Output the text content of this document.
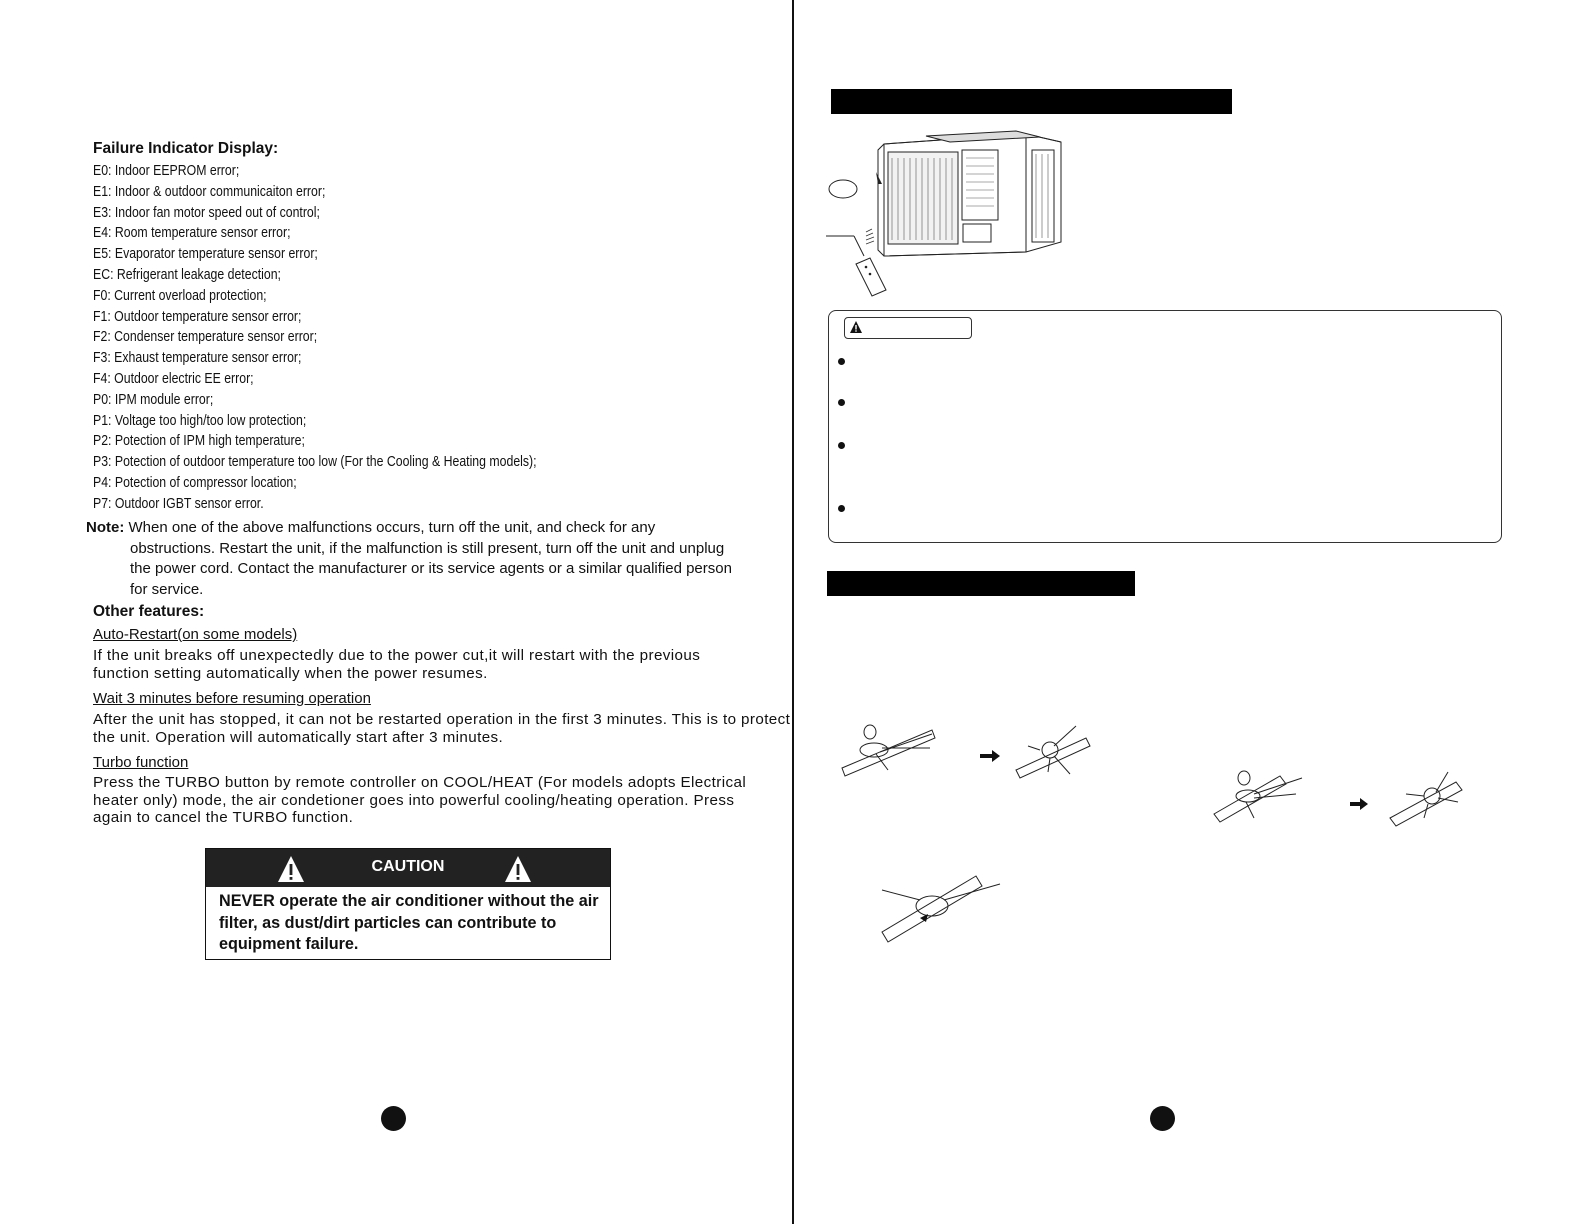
Failure Indicator Display:
E0: Indoor EEPROM error;
E1: Indoor & outdoor communicaiton error;
E3: Indoor fan motor speed out of control;
E4: Room temperature sensor error;
E5: Evaporator temperature sensor error;
EC: Refrigerant leakage detection;
F0: Current overload protection;
F1: Outdoor temperature sensor error;
F2: Condenser temperature sensor error;
F3: Exhaust temperature sensor error;
F4: Outdoor electric EE error;
P0: IPM module error;
P1: Voltage too high/too low protection;
P2: Potection of IPM high temperature;
P3: Potection of outdoor temperature too low (For the Cooling & Heating models);
P4: Potection of compressor location;
P7: Outdoor IGBT sensor error.
Note: When one of the above malfunctions occurs, turn off the unit, and check for any
obstructions. Restart the unit, if the malfunction is still present, turn off the unit and unplug the power cord. Contact the manufacturer or its service agents or a similar qualified person for service.
Other features:
Auto-Restart(on some models)
If the unit breaks off unexpectedly due to the power cut,it will restart with the previous function setting automatically when the power resumes.
Wait 3 minutes before resuming operation
After the unit has stopped, it can not be restarted operation in the first 3 minutes. This is to protect the unit. Operation will automatically start after 3 minutes.
Turbo function
Press the TURBO button by remote controller on COOL/HEAT (For models adopts Electrical heater only) mode, the air condetioner goes into powerful cooling/heating operation. Press again to cancel the TURBO function.
CAUTION
NEVER operate the air conditioner without the air filter, as dust/dirt particles can contribute to equipment failure.
